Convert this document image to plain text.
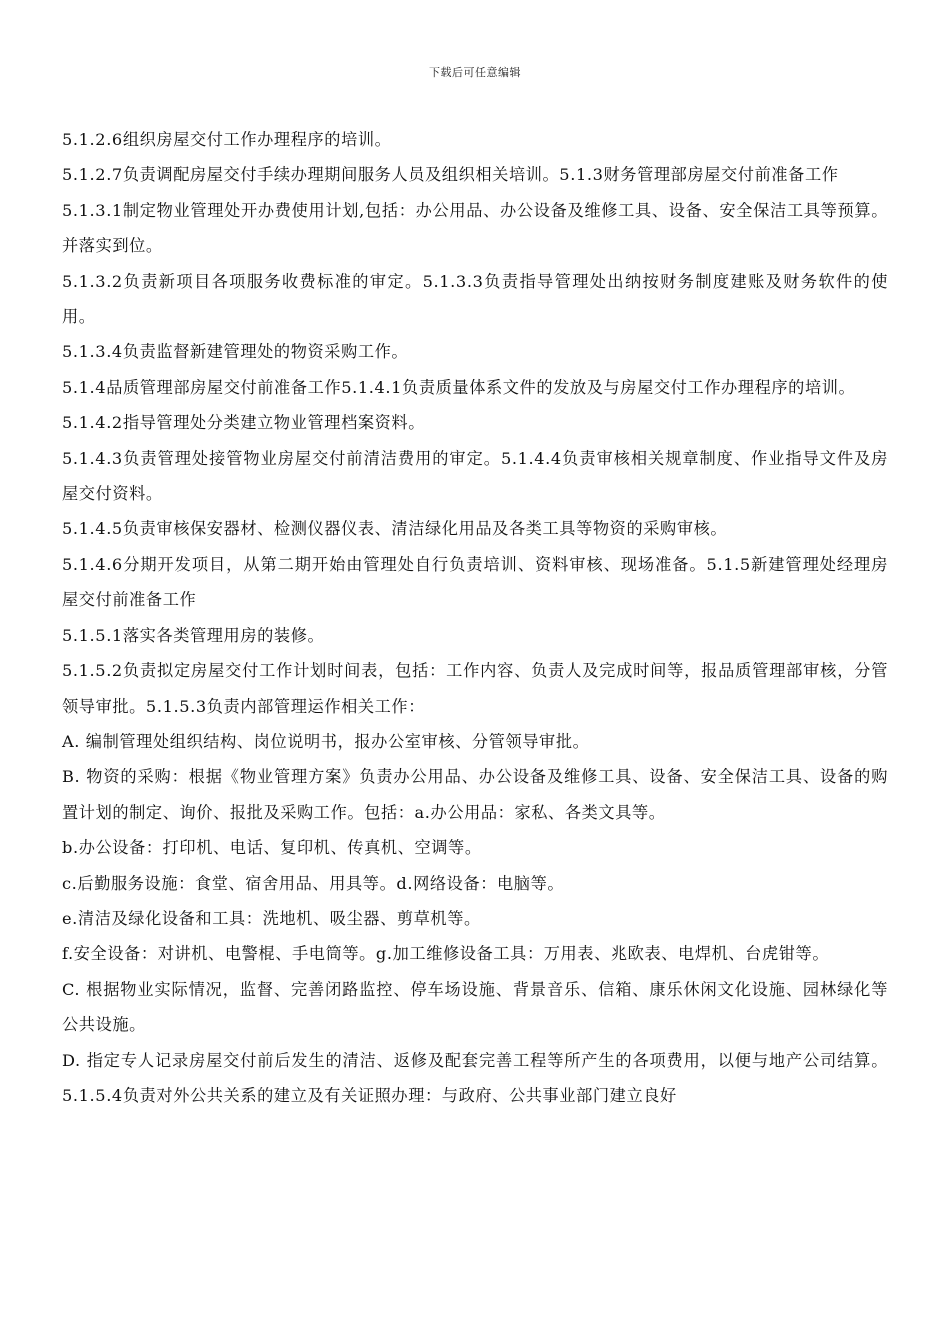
下载后可任意编辑

5.1.2.6组织房屋交付工作办理程序的培训。

5.1.2.7负责调配房屋交付手续办理期间服务人员及组织相关培训。5.1.3财务管理部房屋交付前准备工作

5.1.3.1制定物业管理处开办费使用计划,包括：办公用品、办公设备及维修工具、设备、安全保洁工具等预算。并落实到位。

5.1.3.2负责新项目各项服务收费标准的审定。5.1.3.3负责指导管理处出纳按财务制度建账及财务软件的使用。

5.1.3.4负责监督新建管理处的物资采购工作。

5.1.4品质管理部房屋交付前准备工作5.1.4.1负责质量体系文件的发放及与房屋交付工作办理程序的培训。

5.1.4.2指导管理处分类建立物业管理档案资料。

5.1.4.3负责管理处接管物业房屋交付前清洁费用的审定。5.1.4.4负责审核相关规章制度、作业指导文件及房屋交付资料。

5.1.4.5负责审核保安器材、检测仪器仪表、清洁绿化用品及各类工具等物资的采购审核。

5.1.4.6分期开发项目，从第二期开始由管理处自行负责培训、资料审核、现场准备。5.1.5新建管理处经理房屋交付前准备工作

5.1.5.1落实各类管理用房的装修。

5.1.5.2负责拟定房屋交付工作计划时间表，包括：工作内容、负责人及完成时间等，报品质管理部审核，分管领导审批。5.1.5.3负责内部管理运作相关工作：

A. 编制管理处组织结构、岗位说明书，报办公室审核、分管领导审批。

B. 物资的采购：根据《物业管理方案》负责办公用品、办公设备及维修工具、设备、安全保洁工具、设备的购置计划的制定、询价、报批及采购工作。包括：a.办公用品：家私、各类文具等。

b.办公设备：打印机、电话、复印机、传真机、空调等。

c.后勤服务设施：食堂、宿舍用品、用具等。d.网络设备：电脑等。

e.清洁及绿化设备和工具：洗地机、吸尘器、剪草机等。

f.安全设备：对讲机、电警棍、手电筒等。g.加工维修设备工具：万用表、兆欧表、电焊机、台虎钳等。

C. 根据物业实际情况，监督、完善闭路监控、停车场设施、背景音乐、信箱、康乐休闲文化设施、园林绿化等公共设施。

D. 指定专人记录房屋交付前后发生的清洁、返修及配套完善工程等所产生的各项费用，以便与地产公司结算。5.1.5.4负责对外公共关系的建立及有关证照办理：与政府、公共事业部门建立良好
